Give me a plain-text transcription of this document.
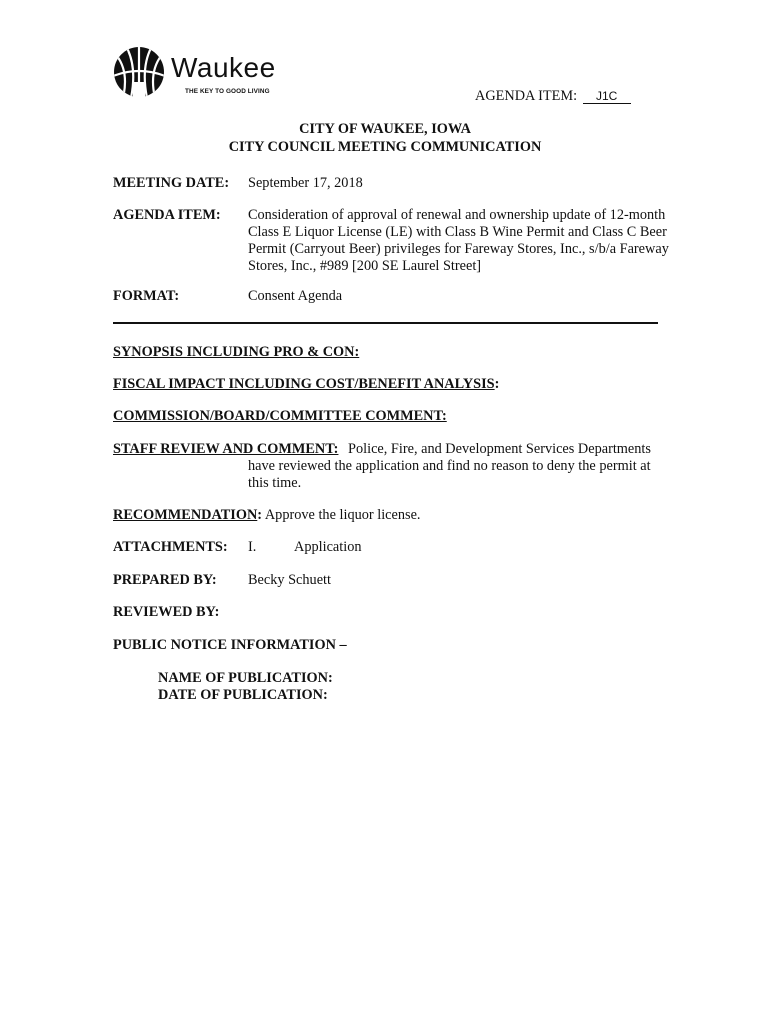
Waukee
THE KEY TO GOOD LIVING	AGENDA ITEM: J1C
CITY OF WAUKEE, IOWA
CITY COUNCIL MEETING COMMUNICATION
MEETING DATE: September 17, 2018
AGENDA ITEM: Consideration of approval of renewal and ownership update of 12-month
Class E Liquor License (LE) with Class B Wine Permit and Class C Beer
Permit (Carryout Beer) privileges for Fareway Stores, Inc., s/b/a Fareway
Stores, Inc., #989 [200 SE Laurel Street]
FORMAT:	Consent Agenda
SYNOPSIS INCLUDING PRO & CON:
FISCAL IMPACT INCLUDING COST/BENEFIT ANALYSIS:
COMMISSION/BOARD/COMMITTEE COMMENT:
STAFF REVIEW AND COMMENT: Police, Fire, and Development Services Departments
have reviewed the application and find no reason to deny the permit at
this time.
RECOMMENDATION: Approve the liquor license.
ATTACHMENTS: I.	Application
PREPARED BY: Becky Schuett
REVIEWED BY:
PUBLIC NOTICE INFORMATION –
NAME OF PUBLICATION:
DATE OF PUBLICATION:
